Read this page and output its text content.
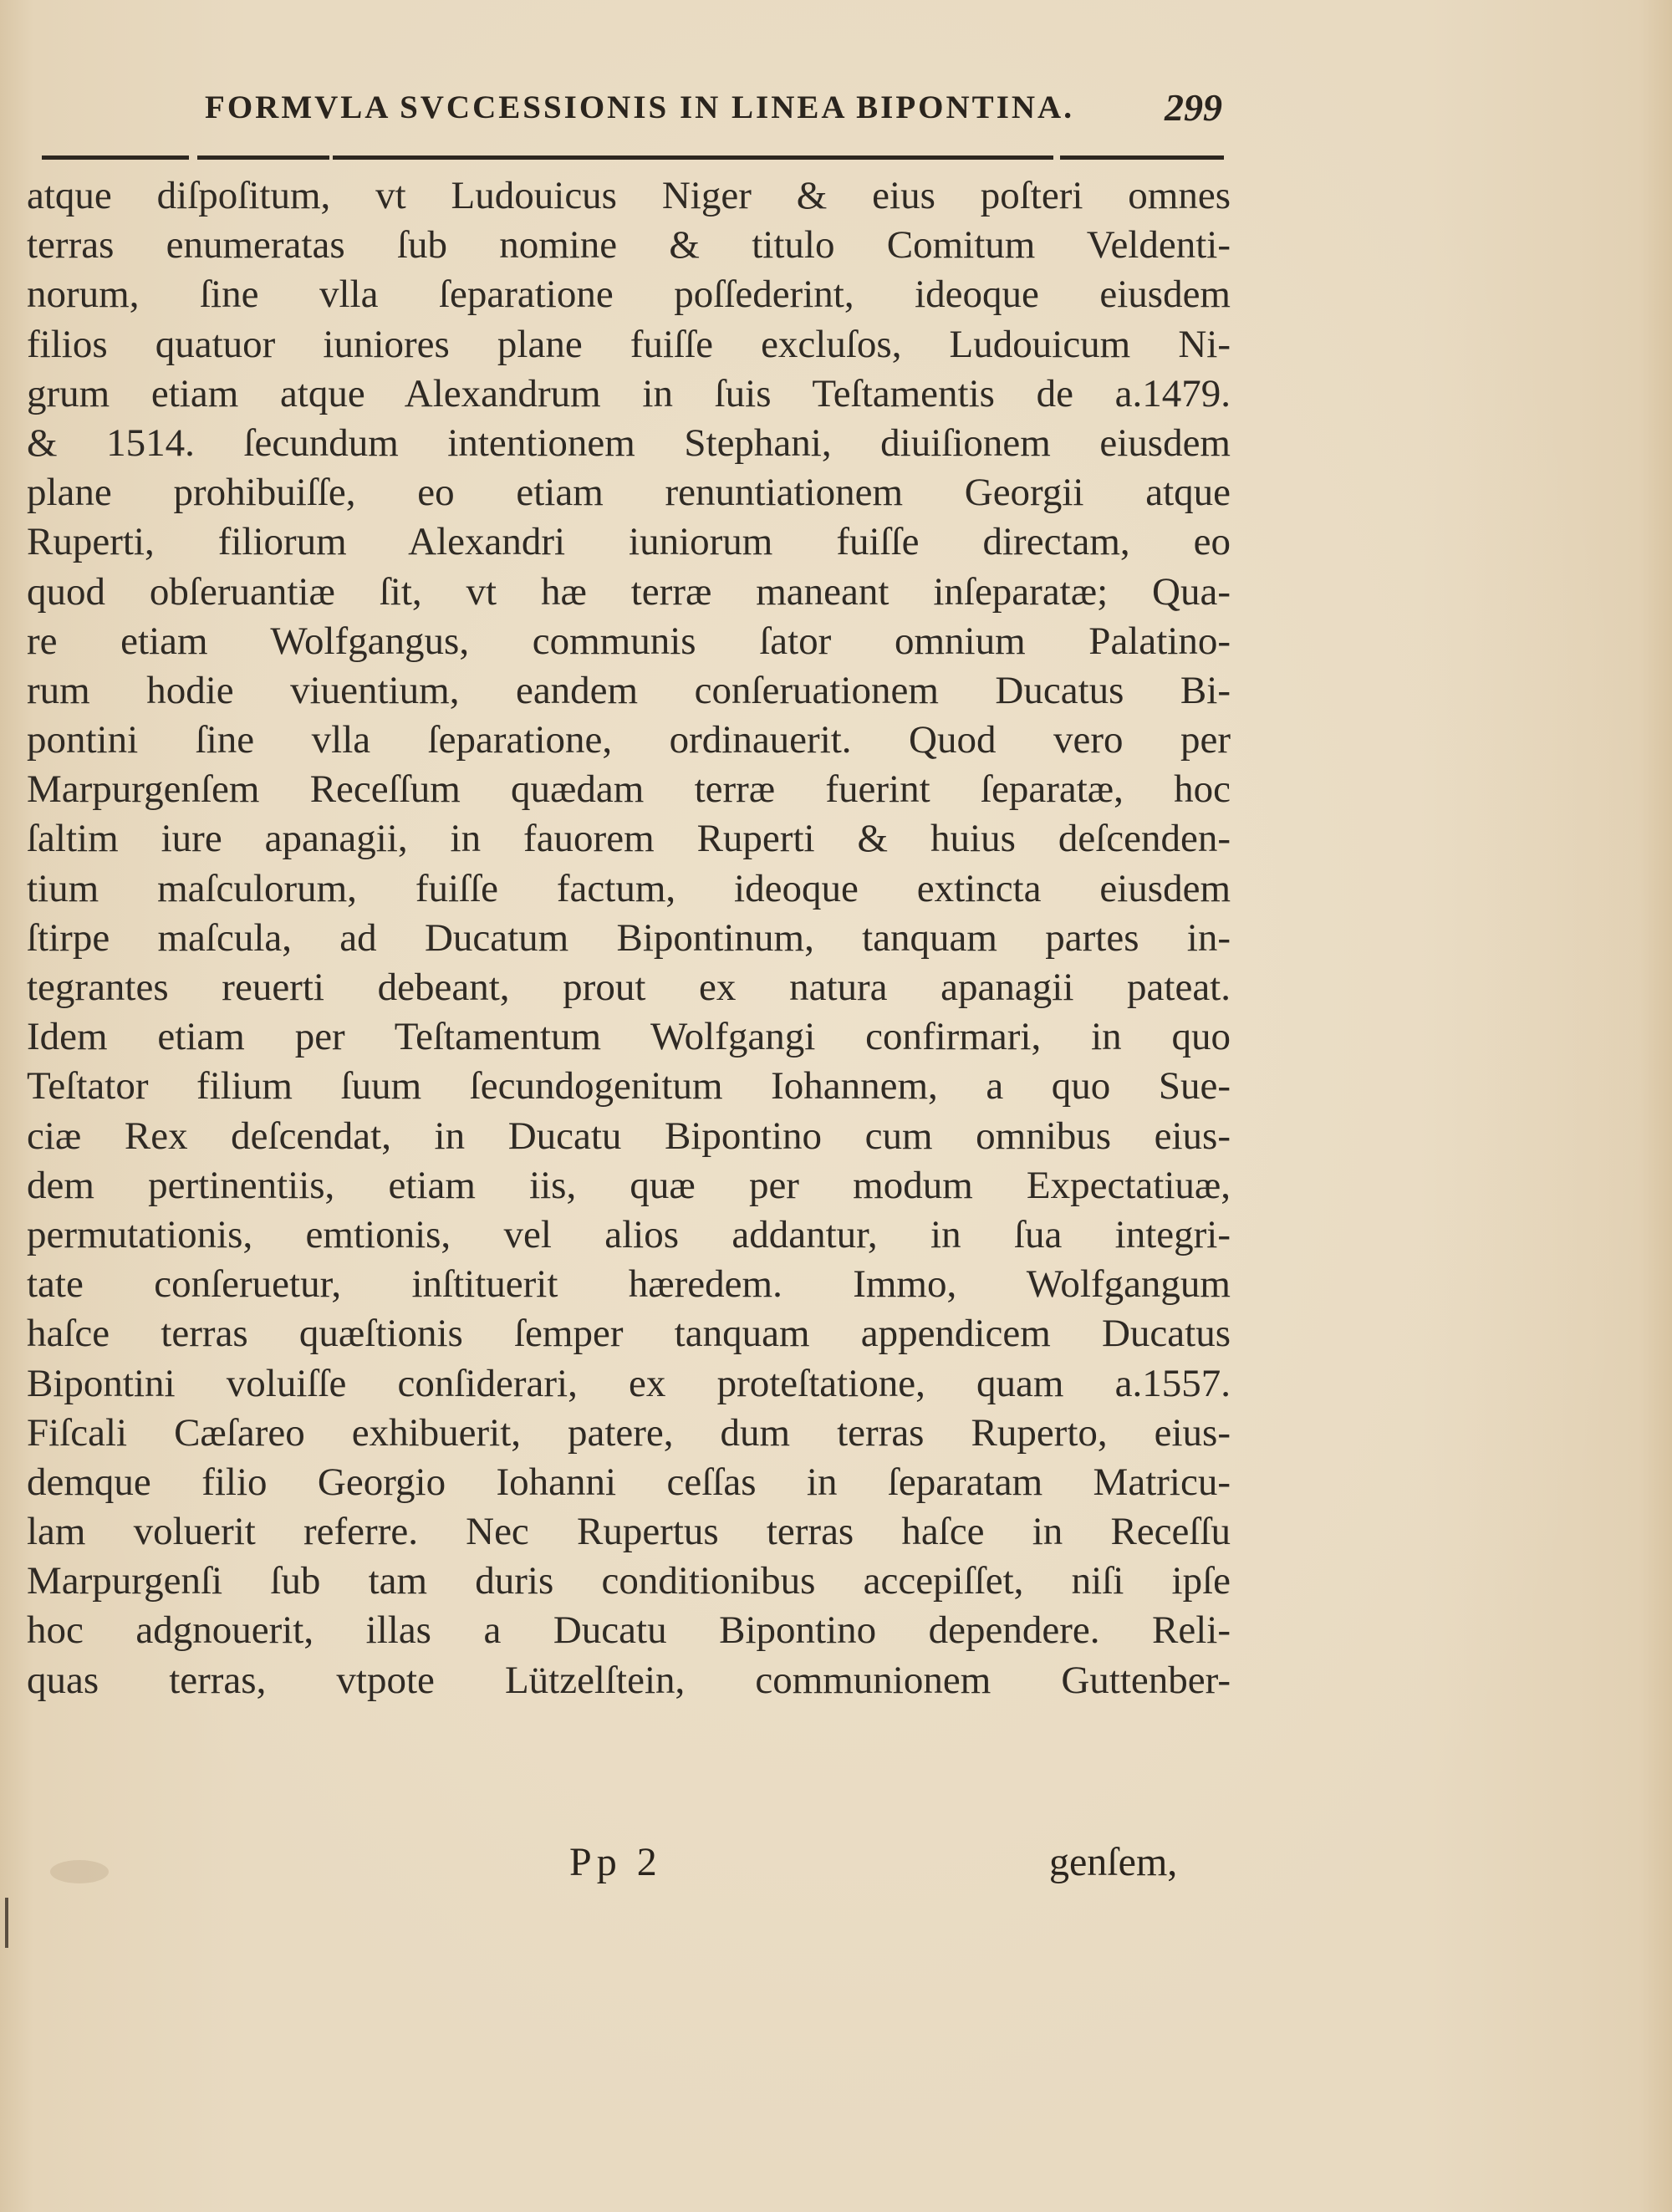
FORMVLA SVCCESSIONIS IN LINEA BIPONTINA. 299
atque diſpoſitum, vt Ludouicus Niger & eius poſteri omnes
terras enumeratas ſub nomine & titulo Comitum Veldenti-
norum, ſine vlla ſeparatione poſſederint, ideoque eiusdem
filios quatuor iuniores plane fuiſſe excluſos, Ludouicum Ni-
grum etiam atque Alexandrum in ſuis Teſtamentis de a.1479.
& 1514. ſecundum intentionem Stephani, diuiſionem eiusdem
plane prohibuiſſe, eo etiam renuntiationem Georgii atque
Ruperti, filiorum Alexandri iuniorum fuiſſe directam, eo
quod obſeruantiæ ſit, vt hæ terræ maneant inſeparatæ; Qua-
re etiam Wolfgangus, communis ſator omnium Palatino-
rum hodie viuentium, eandem conſeruationem Ducatus Bi-
pontini ſine vlla ſeparatione, ordinauerit. Quod vero per
Marpurgenſem Receſſum quædam terræ fuerint ſeparatæ, hoc
ſaltim iure apanagii, in fauorem Ruperti & huius deſcenden-
tium maſculorum, fuiſſe factum, ideoque extincta eiusdem
ſtirpe maſcula, ad Ducatum Bipontinum, tanquam partes in-
tegrantes reuerti debeant, prout ex natura apanagii pateat.
Idem etiam per Teſtamentum Wolfgangi confirmari, in quo
Teſtator filium ſuum ſecundogenitum Iohannem, a quo Sue-
ciæ Rex deſcendat, in Ducatu Bipontino cum omnibus eius-
dem pertinentiis, etiam iis, quæ per modum Expectatiuæ,
permutationis, emtionis, vel alios addantur, in ſua integri-
tate conſeruetur, inſtituerit hæredem. Immo, Wolfgangum
haſce terras quæſtionis ſemper tanquam appendicem Ducatus
Bipontini voluiſſe conſiderari, ex proteſtatione, quam a.1557.
Fiſcali Cæſareo exhibuerit, patere, dum terras Ruperto, eius-
demque filio Georgio Iohanni ceſſas in ſeparatam Matricu-
lam voluerit referre. Nec Rupertus terras haſce in Receſſu
Marpurgenſi ſub tam duris conditionibus accepiſſet, niſi ipſe
hoc adgnouerit, illas a Ducatu Bipontino dependere. Reli-
quas terras, vtpote Lützelſtein, communionem Guttenber-
Pp 2	genſem,
